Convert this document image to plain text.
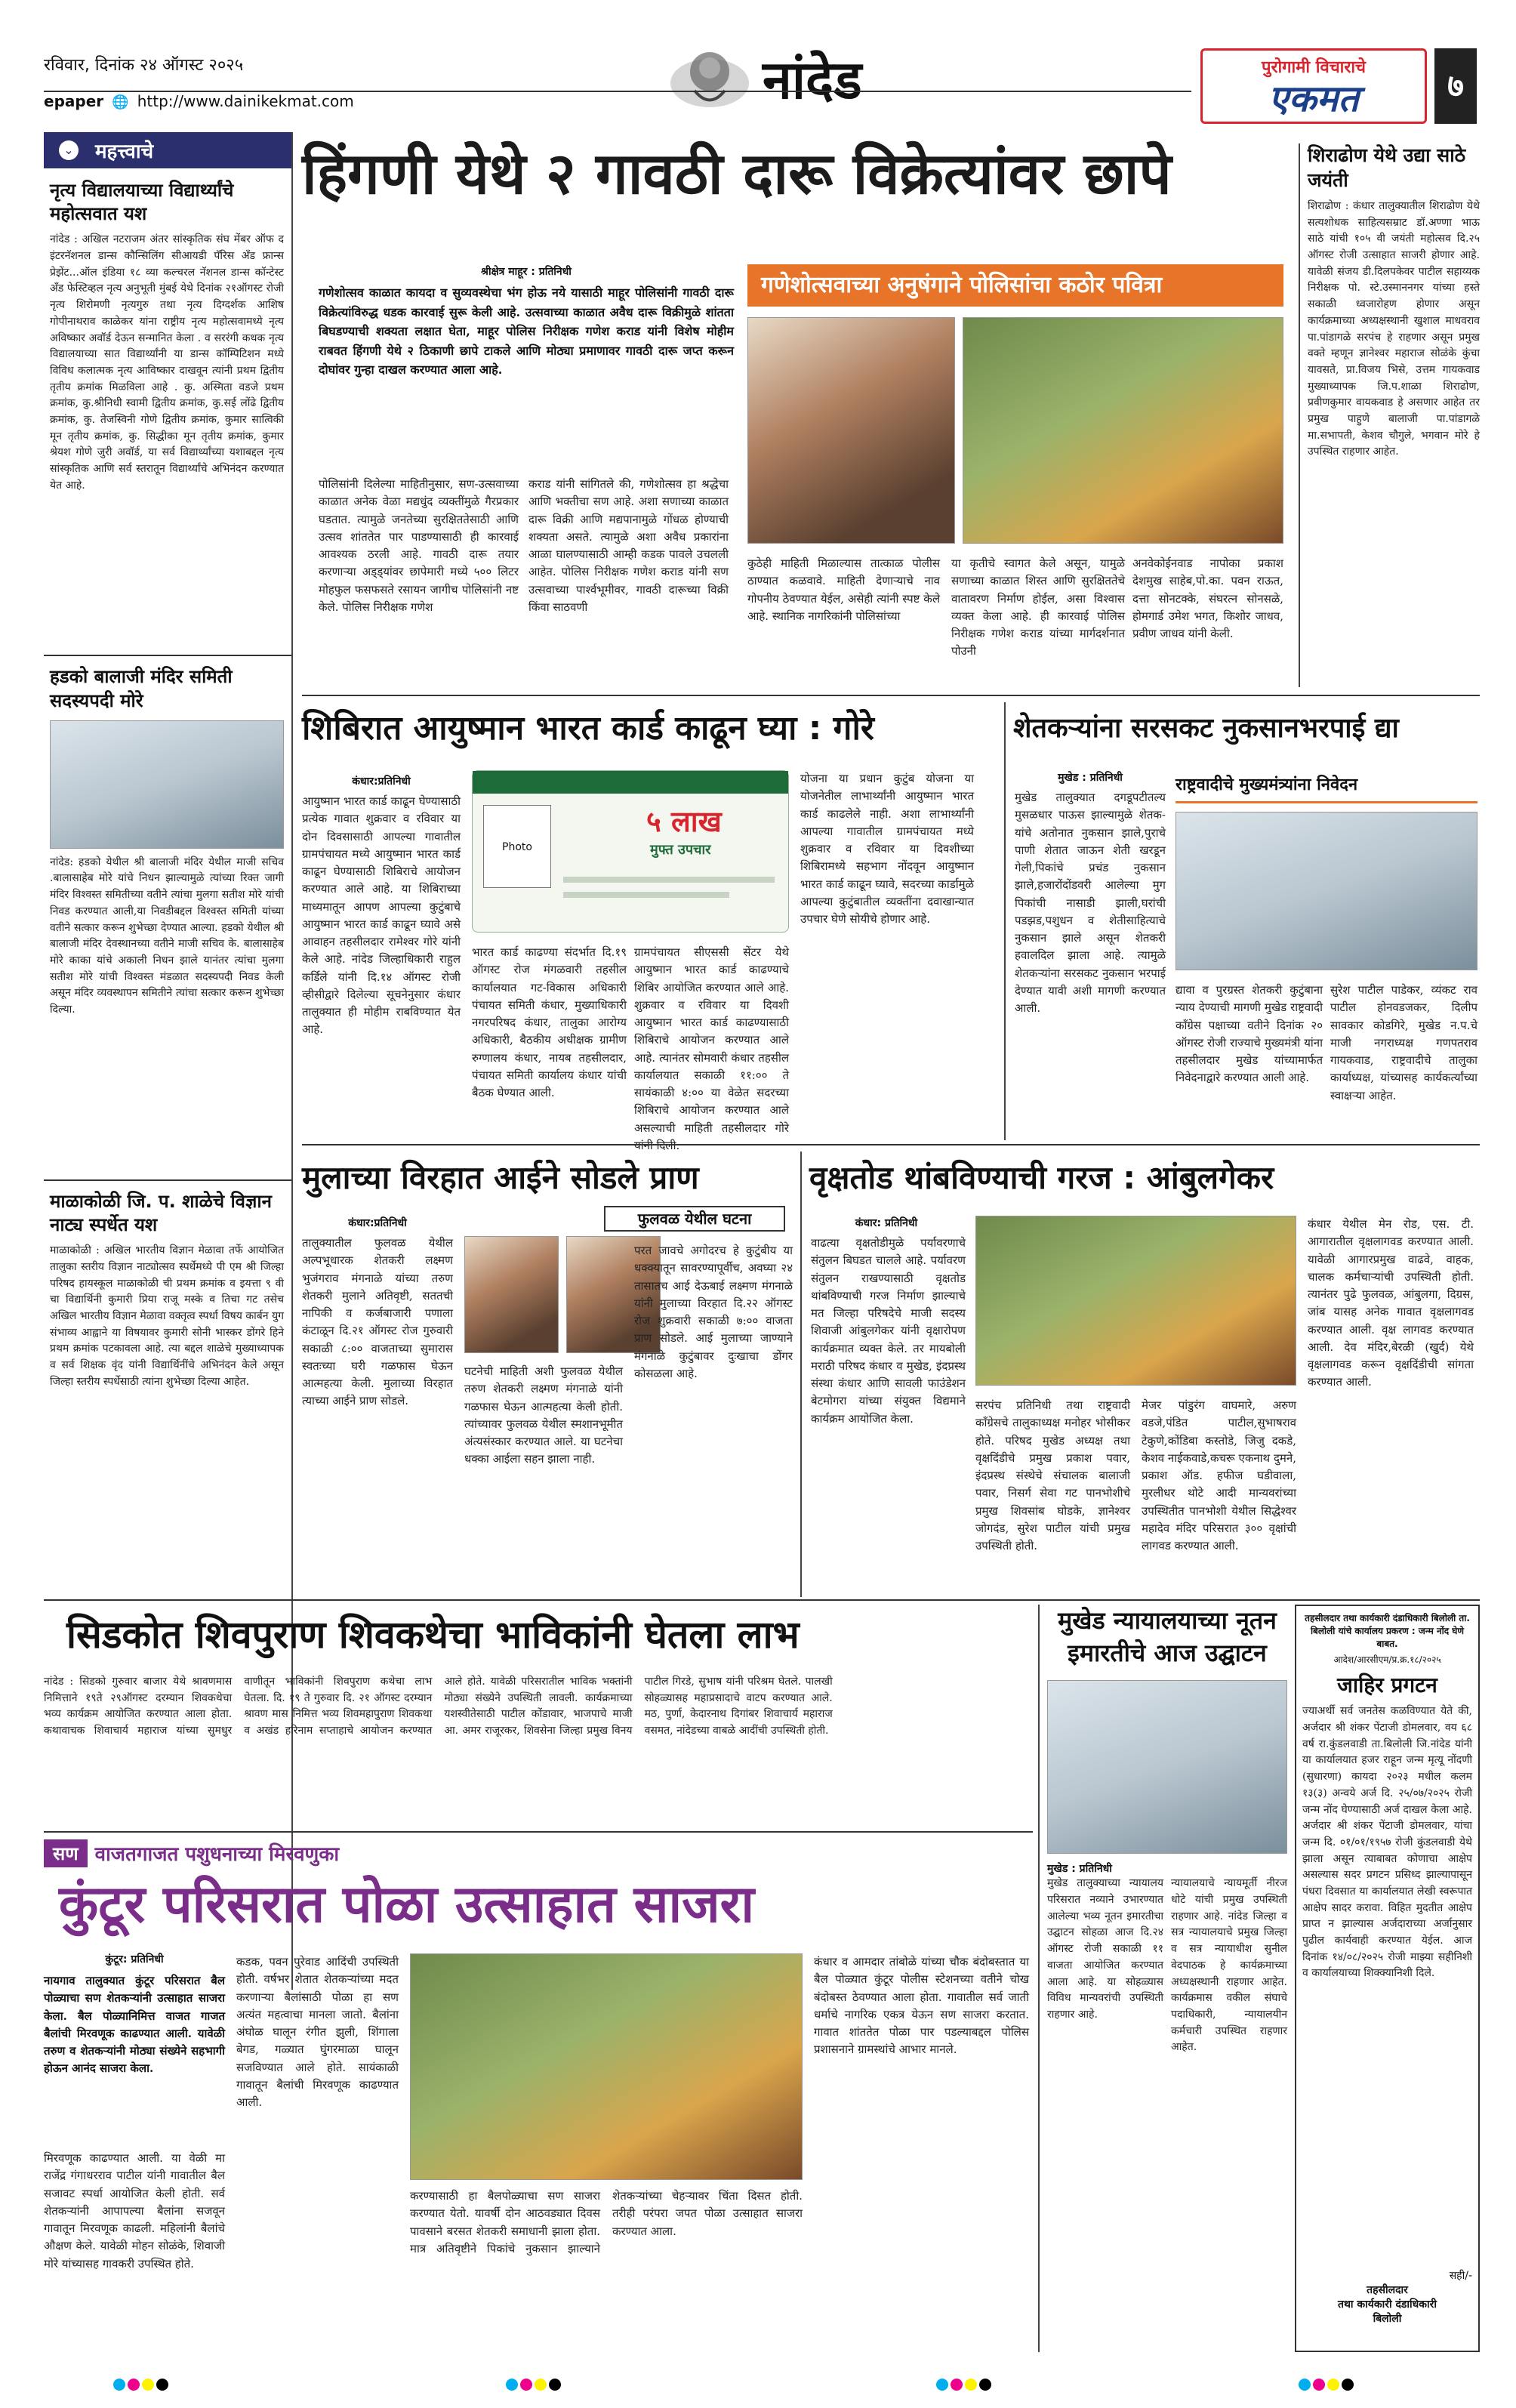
रविवार, दिनांक २४ ऑगस्ट २०२५	नांदेड	पुरोगामी विचाराचे
एकमत	७
epaper 🌐 http://www.dainikekmat.com
⌄ महत्त्वाचे
नृत्य विद्यालयाच्या विद्यार्थ्यांचे महोत्सवात यश
नांदेड : अखिल नटराजम अंतर सांस्कृतिक संघ मेंबर ऑफ द इंटरनॅशनल डान्स कौन्सिलिंग सीआयडी पॅरिस अँड फ्रान्स प्रेझेंट...ऑल इंडिया १८ व्या कल्चरल नॅशनल डान्स कॉन्टेस्ट अँड फेस्टिव्हल नृत्य अनुभूती मुंबई येथे दिनांक २१ऑगस्ट रोजी नृत्य शिरोमणी नृत्यगुरु तथा नृत्य दिग्दर्शक आशिष गोपीनाथराव काळेकर यांना राष्ट्रीय नृत्य महोत्सवामध्ये नृत्य अविष्कार अवॉर्ड देऊन सन्मानित केला . व सररंगी कथक नृत्य विद्यालयाच्या सात विद्यार्थ्यांनी या डान्स कॉम्पिटिशन मध्ये विविध कलात्मक नृत्य आविष्कार दाखवून त्यांनी प्रथम द्वितीय तृतीय क्रमांक मिळविला आहे . कु. अस्मिता वडजे प्रथम क्रमांक, कु.श्रीनिधी स्वामी द्वितीय क्रमांक, कु.सई लोंढे द्वितीय क्रमांक, कु. तेजस्विनी गोणे द्वितीय क्रमांक, कुमार सात्विकी मून तृतीय क्रमांक, कु. सिद्धीका मून तृतीय क्रमांक, कुमार श्रेयश गोणे जुरी अवॉर्ड, या सर्व विद्यार्थ्यांच्या यशाबद्दल नृत्य सांस्कृतिक आणि सर्व स्तरातून विद्यार्थ्यांचे अभिनंदन करण्यात येत आहे.
हडको बालाजी मंदिर समिती सदस्यपदी मोरे
नांदेड: हडको येथील श्री बालाजी मंदिर येथील माजी सचिव .बालासाहेब मोरे यांचे निधन झाल्यामुळे त्यांच्या रिक्त जागी मंदिर विश्वस्त समितीच्या वतीने त्यांचा मुलगा सतीश मोरे यांची निवड करण्यात आली,या निवडीबद्दल विश्वस्त समिती यांच्या वतीने सत्कार करून शुभेच्छा देण्यात आल्या. हडको येथील श्री बालाजी मंदिर देवस्थानच्या वतीने माजी सचिव के. बालासाहेब मोरे काका यांचे अकाली निधन झाले यानंतर त्यांचा मुलगा सतीश मोरे यांची विश्वस्त मंडळात सदस्यपदी निवड केली असून मंदिर व्यवस्थापन समितीने त्यांचा सत्कार करून शुभेच्छा दिल्या.
माळाकोळी जि. प. शाळेचे विज्ञान नाट्य स्पर्धेत यश
माळाकोळी : अखिल भारतीय विज्ञान मेळावा तर्फे आयोजित तालुका स्तरीय विज्ञान नाट्योत्सव स्पर्धेमध्ये पी एम श्री जिल्हा परिषद हायस्कूल माळाकोळी ची प्रथम क्रमांक व इयत्ता ९ वी चा विद्यार्थिनी कुमारी प्रिया राजू मस्के व तिचा गट तसेच अखिल भारतीय विज्ञान मेळावा वक्तृत्व स्पर्धा विषय कार्बन युग संभाव्य आह्वाने या विषयावर कुमारी सोनी भास्कर डोंगरे हिने प्रथम क्रमांक पटकावला आहे. त्या बद्दल शाळेचे मुख्याध्यापक व सर्व शिक्षक वृंद यांनी विद्यार्थिनींचे अभिनंदन केले असून जिल्हा स्तरीय स्पर्धेसाठी त्यांना शुभेच्छा दिल्या आहेत.
हिंगणी येथे २ गावठी दारू विक्रेत्यांवर छापे
श्रीक्षेत्र माहूर : प्रतिनिधी
गणेशोत्सव काळात कायदा व सुव्यवस्थेचा भंग होऊ नये यासाठी माहूर पोलिसांनी गावठी दारू विक्रेत्यांविरुद्ध धडक कारवाई सुरू केली आहे. उत्सवाच्या काळात अवैध दारू विक्रीमुळे शांतता बिघडण्याची शक्यता लक्षात घेता, माहूर पोलिस निरीक्षक गणेश कराड यांनी विशेष मोहीम राबवत हिंगणी येथे २ ठिकाणी छापे टाकले आणि मोठ्या प्रमाणावर गावठी दारू जप्त करून दोघांवर गुन्हा दाखल करण्यात आला आहे.
पोलिसांनी दिलेल्या माहितीनुसार, सण-उत्सवाच्या काळात अनेक वेळा मद्यधुंद व्यक्तींमुळे गैरप्रकार घडतात. त्यामुळे जनतेच्या सुरक्षिततेसाठी आणि उत्सव शांततेत पार पाडण्यासाठी ही कारवाई आवश्यक ठरली आहे. गावठी दारू तयार करणाऱ्या अड्ड्यांवर छापेमारी मध्ये ५०० लिटर मोहफुल फसफसते रसायन जागीच पोलिसांनी नष्ट केले. पोलिस निरीक्षक गणेश
कराड यांनी सांगितले की, गणेशोत्सव हा श्रद्धेचा आणि भक्तीचा सण आहे. अशा सणाच्या काळात दारू विक्री आणि मद्यपानामुळे गोंधळ होण्याची शक्यता असते. त्यामुळे अशा अवैध प्रकारांना आळा घालण्यासाठी आम्ही कडक पावले उचलली आहेत. पोलिस निरीक्षक गणेश कराड यांनी सण उत्सवाच्या पार्श्वभूमीवर, गावठी दारूच्या विक्री किंवा साठवणी
गणेशोत्सवाच्या अनुषंगाने पोलिसांचा कठोर पवित्रा
कुठेही माहिती मिळाल्यास तात्काळ पोलीस ठाण्यात कळवावे. माहिती देणाऱ्याचे नाव गोपनीय ठेवण्यात येईल, असेही त्यांनी स्पष्ट केले आहे. स्थानिक नागरिकांनी पोलिसांच्या
या कृतीचे स्वागत केले असून, यामुळे सणाच्या काळात शिस्त आणि सुरक्षिततेचे वातावरण निर्माण होईल, असा विश्वास व्यक्त केला आहे. ही कारवाई पोलिस निरीक्षक गणेश कराड यांच्या मार्गदर्शनात पोउनी
अनवेकोईनवाड नापोका प्रकाश देशमुख साहेब,पो.का. पवन राऊत, दत्ता सोनटक्के, संघरत्न सोनसळे, होमगार्ड उमेश भगत, किशोर जाधव, प्रवीण जाधव यांनी केली.
शिराढोण येथे उद्या साठे जयंती
शिराढोण : कंधार तालुक्यातील शिराढोण येथे सत्यशोधक साहित्यसम्राट डॉ.अण्णा भाऊ साठे यांची १०५ वी जयंती महोत्सव दि.२५ ऑगस्ट रोजी उत्साहात साजरी होणार आहे. यावेळी संजय डी.दिलपकेवर पाटील सहाय्यक निरीक्षक पो. स्टे.उस्माननगर यांच्या हस्ते सकाळी ध्वजारोहण होणार असून कार्यक्रमाच्या अध्यक्षस्थानी खुशाल माधवराव पा.पांडागळे सरपंच हे राहणार असून प्रमुख वक्ते म्हणून ज्ञानेश्वर महाराज सोळंके कुंचा यावसते, प्रा.विजय भिसे, उत्तम गायकवाड मुख्याध्यापक जि.प.शाळा शिराढोण, प्रवीणकुमार वायकवाड हे असणार आहेत तर प्रमुख पाहुणे बालाजी पा.पांडागळे मा.सभापती, केशव चौगुले, भगवान मोरे हे उपस्थित राहणार आहेत.
शिबिरात आयुष्मान भारत कार्ड काढून घ्या : गोरे
कंधार:प्रतिनिधी
आयुष्मान भारत कार्ड काढून घेण्यासाठी प्रत्येक गावात शुक्रवार व रविवार या दोन दिवसासाठी आपल्या गावातील ग्रामपंचायत मध्ये आयुष्मान भारत कार्ड काढून घेण्यासाठी शिबिराचे आयोजन करण्यात आले आहे. या शिबिराच्या माध्यमातून आपण आपल्या कुटुंबाचे आयुष्मान भारत कार्ड काढून घ्यावे असे आवाहन तहसीलदार रामेश्वर गोरे यांनी केले आहे. नांदेड जिल्हाधिकारी राहुल कर्डिले यांनी दि.१४ ऑगस्ट रोजी व्हीसीद्वारे दिलेल्या सूचनेनुसार कंधार तालुक्यात ही मोहीम राबविण्यात येत आहे.
Photo
५ लाख
मुफ्त उपचार
भारत कार्ड काढण्या संदर्भात दि.१९ ऑगस्ट रोज मंगळवारी तहसील कार्यालयात गट-विकास अधिकारी पंचायत समिती कंधार, मुख्याधिकारी नगरपरिषद कंधार, तालुका आरोग्य अधिकारी, बैठकीय अधीक्षक ग्रामीण रुग्णालय कंधार, नायब तहसीलदार, पंचायत समिती कार्यालय कंधार यांची बैठक घेण्यात आली.
ग्रामपंचायत सीएससी सेंटर येथे आयुष्मान भारत कार्ड काढण्याचे शिबिर आयोजित करण्यात आले आहे. शुक्रवार व रविवार या दिवशी आयुष्मान भारत कार्ड काढण्यासाठी शिबिराचे आयोजन करण्यात आले आहे. त्यानंतर सोमवारी कंधार तहसील कार्यालयात सकाळी ११:०० ते सायंकाळी ४:०० या वेळेत सदरच्या शिबिराचे आयोजन करण्यात आले असल्याची माहिती तहसीलदार गोरे
योजना या प्रधान कुटुंब योजना या योजनेतील लाभार्थ्यांनी आयुष्मान भारत कार्ड काढलेले नाही. अशा लाभार्थ्यांनी आपल्या गावातील ग्रामपंचायत मध्ये शुक्रवार व रविवार या दिवशीच्या शिबिरामध्ये सहभाग नोंदवून आयुष्मान भारत कार्ड काढून घ्यावे, सदरच्या कार्डामुळे आपल्या कुटुंबातील व्यक्तींना दवाखान्यात उपचार घेणे सोयीचे होणार आहे.
शेतकऱ्यांना सरसकट नुकसानभरपाई द्या
मुखेड : प्रतिनिधी
मुखेड तालुक्यात दगडूपटीतल्य मुसळधार पाऊस झाल्यामुळे शेतक-यांचे अतोनात नुकसान झाले,पुराचे पाणी शेतात जाऊन शेती खरडून गेली,पिकांचे प्रचंड नुकसान झाले,हजारोंदोंडवरी आलेल्या मुग पिकांची नासाडी झाली,घरांची पडझड,पशुधन व शेतीसाहित्याचे नुकसान झाले असून शेतकरी हवालदिल झाला आहे. त्यामुळे शेतकऱ्यांना सरसकट नुकसान भरपाई देण्यात यावी अशी मागणी करण्यात आली.
राष्ट्रवादीचे मुख्यमंत्र्यांना निवेदन
द्यावा व पुरग्रस्त शेतकरी कुटुंबाना न्याय देण्याची मागणी मुखेड राष्ट्रवादी काँग्रेस पक्षाच्या वतीने दिनांक २० ऑगस्ट रोजी राज्याचे मुख्यमंत्री यांना तहसीलदार मुखेड यांच्यामार्फत निवेदनाद्वारे करण्यात आली आहे.
सुरेश पाटील पाडेकर, व्यंकट राव पाटील होनवडजकर, दिलीप सावकार कोडगिरे, मुखेड न.प.चे माजी नगराध्यक्ष गणपतराव गायकवाड, राष्ट्रवादीचे तालुका कार्याध्यक्ष, यांच्यासह कार्यकर्त्यांच्या स्वाक्षऱ्या आहेत.
मुलाच्या विरहात आईने सोडले प्राण
फुलवळ येथील घटना
कंधार:प्रतिनिधी
तालुक्यातील फुलवळ येथील अल्पभूधारक शेतकरी लक्ष्मण भुजंगराव मंगनाळे यांच्या तरुण शेतकरी मुलाने अतिवृष्टी, सततची नापिकी व कर्जबाजारी पणाला कंटाळून दि.२१ ऑगस्ट रोज गुरुवारी सकाळी ८:०० वाजताच्या सुमारास स्वतःच्या घरी गळफास घेऊन आत्महत्या केली. मुलाच्या विरहात त्याच्या आईने प्राण सोडले.
घटनेची माहिती अशी फुलवळ येथील तरुण शेतकरी लक्ष्मण मंगनाळे यांनी गळफास घेऊन आत्महत्या केली होती. त्यांच्यावर फुलवळ येथील स्मशानभूमीत अंत्यसंस्कार करण्यात आले. या घटनेचा धक्का आईला सहन झाला नाही.
परत जावचे अगोदरच हे कुटुंबीय या धक्क्यातून सावरण्यापूर्वीच, अवघ्या २४ तासातच आई देऊबाई लक्ष्मण मंगनाळे यांनी मुलाच्या विरहात दि.२२ ऑगस्ट रोज शुक्रवारी सकाळी ७:०० वाजता प्राण सोडले. आई मुलाच्या जाण्याने मंगनाळे कुटुंबावर दुःखाचा डोंगर कोसळला आहे.
वृक्षतोड थांबविण्याची गरज : आंबुलगेकर
कंधार: प्रतिनिधी
वाढत्या वृक्षतोडीमुळे पर्यावरणाचे संतुलन बिघडत चालले आहे. पर्यावरण संतुलन राखण्यासाठी वृक्षतोड थांबविण्याची गरज निर्माण झाल्याचे मत जिल्हा परिषदेचे माजी सदस्य शिवाजी आंबुलगेकर यांनी वृक्षारोपण कार्यक्रमात व्यक्त केले. तर मायबोली मराठी परिषद कंधार व मुखेड, इंदप्रस्थ संस्था कंधार आणि सावली फाउंडेशन बेटमोगरा यांच्या संयुक्त विद्यमाने कार्यक्रम आयोजित केला.
सरपंच प्रतिनिधी तथा राष्ट्रवादी काँग्रेसचे तालुकाध्यक्ष मनोहर भोसीकर होते. परिषद मुखेड अध्यक्ष तथा वृक्षदिंडीचे प्रमुख प्रकाश पवार, इंदप्रस्थ संस्थेचे संचालक बालाजी पवार, निसर्ग सेवा गट पानभोशीचे प्रमुख शिवसांब घोडके, ज्ञानेश्वर जोगदंड, सुरेश पाटील यांची प्रमुख उपस्थिती होती.
मेजर पांडुरंग वाघमारे, अरुण वडजे,पंडित पाटील,सुभाषराव टेकुणे,कोंडिबा कस्तोडे, जिजु दकडे, केशव नाईकवाडे,कचरू एकनाथ दुमने, प्रकाश ऑड. हफीज घडीवाला, मुरलीधर थोटे आदी मान्यवरांच्या उपस्थितीत पानभोशी येथील सिद्धेश्वर महादेव मंदिर परिसरात ३०० वृक्षांची लागवड करण्यात आली.
कंधार येथील मेन रोड, एस. टी. आगारातील वृक्षलागवड करण्यात आली. यावेळी आगारप्रमुख वाढवे, वाहक, चालक कर्मचाऱ्यांची उपस्थिती होती. त्यानंतर पुढे फुलवळ, आंबुलगा, दिग्रस, जांब यासह अनेक गावात वृक्षलागवड करण्यात आली. वृक्ष लागवड करण्यात आली. देव मंदिर,बेरळी (खुर्द) येथे वृक्षलागवड करून वृक्षदिंडीची सांगता करण्यात आली.
सिडकोत शिवपुराण शिवकथेचा भाविकांनी घेतला लाभ
नांदेड : सिडको गुरुवार बाजार येथे श्रावणमास निमित्ताने १९ते २९ऑगस्ट दरम्यान शिवकथेचा भव्य कार्यक्रम आयोजित करण्यात आला होता. कथावाचक शिवाचार्य महाराज यांच्या सुमधुर वाणीतून भाविकांनी शिवपुराण कथेचा लाभ घेतला. दि. १९ ते गुरुवार दि. २१ ऑगस्ट दरम्यान श्रावण मास निमित्त भव्य शिवमहापुराण शिवकथा व अखंड हरिनाम सप्ताहाचे आयोजन करण्यात आले होते. यावेळी परिसरातील भाविक भक्तांनी मोठ्या संख्येने उपस्थिती लावली. कार्यक्रमाच्या यशस्वीतेसाठी पाटील कोंडावार, भाजपाचे माजी आ. अमर राजूरकर, शिवसेना जिल्हा प्रमुख विनय पाटील गिरडे, सुभाष यांनी परिश्रम घेतले. पालखी सोहळ्यासह महाप्रसादाचे वाटप करण्यात आले. मठ, पुर्णा, केदारनाथ दिगांबर शिवाचार्य महाराज वसमत, नांदेडच्या वाबळे आदींची उपस्थिती होती.
मुखेड न्यायालयाच्या नूतन इमारतीचे आज उद्घाटन
मुखेड : प्रतिनिधी
मुखेड तालुक्याच्या न्यायालय परिसरात नव्याने उभारण्यात आलेल्या भव्य नूतन इमारतीचा उद्घाटन सोहळा आज दि.२४ ऑगस्ट रोजी सकाळी ११ वाजता आयोजित करण्यात आला आहे. या सोहळ्यास विविध मान्यवरांची उपस्थिती राहणार आहे.
न्यायालयाचे न्यायमूर्ती नीरज धोटे यांची प्रमुख उपस्थिती राहणार आहे. नांदेड जिल्हा व सत्र न्यायालयाचे प्रमुख जिल्हा व सत्र न्यायाधीश सुनील वेदपाठक हे कार्यक्रमाच्या अध्यक्षस्थानी राहणार आहेत. कार्यक्रमास वकील संघाचे पदाधिकारी, न्यायालयीन कर्मचारी उपस्थित राहणार आहेत.
तहसीलदार तथा कार्यकारी दंडाधिकारी बिलोली ता. बिलोली यांचे कार्यालय प्रकरण : जन्म नोंद घेणे बाबत.
आदेश/आरसीएम/प्र.क्र.१८/२०२५
जाहिर प्रगटन
ज्याअर्थी सर्व जनतेस कळविण्यात येते की, अर्जदार श्री शंकर पेंटाजी डोमलवार, वय ६८ वर्ष रा.कुंडलवाडी ता.बिलोली जि.नांदेड यांनी या कार्यालयात हजर राहून जन्म मृत्यू नोंदणी (सुधारणा) कायदा २०२३ मधील कलम १३(३) अन्वये अर्ज दि. २५/०७/२०२५ रोजी जन्म नोंद घेण्यासाठी अर्ज दाखल केला आहे. अर्जदार श्री शंकर पेंटाजी डोमलवार, यांचा जन्म दि. ०१/०१/१९५७ रोजी कुंडलवाडी येथे झाला असून त्याबाबत कोणाचा आक्षेप असल्यास सदर प्रगटन प्रसिध्द झाल्यापासून पंधरा दिवसात या कार्यालयात लेखी स्वरूपात आक्षेप सादर करावा. विहित मुदतीत आक्षेप प्राप्त न झाल्यास अर्जदाराच्या अर्जानुसार पुढील कार्यवाही करण्यात येईल. आज दिनांक १४/०८/२०२५ रोजी माझ्या सहीनिशी व कार्यालयाच्या शिक्क्यानिशी दिले.
सही/-
तहसीलदार
तथा कार्यकारी दंडाधिकारी
बिलोली
सण वाजतगाजत पशुधनाच्या मिरवणुका
कुंटूर परिसरात पोळा उत्साहात साजरा
कुंटूर: प्रतिनिधी
नायगाव तालुक्यात कुंटूर परिसरात बैल पोळ्याचा सण शेतकऱ्यांनी उत्साहात साजरा केला. बैल पोळ्यानिमित्त वाजत गाजत बैलांची मिरवणूक काढण्यात आली. यावेळी तरुण व शेतकऱ्यांनी मोठ्या संख्येने सहभागी होऊन आनंद साजरा केला.
मिरवणूक काढण्यात आली. या वेळी मा राजेंद्र गंगाधरराव पाटील यांनी गावातील बैल सजावट स्पर्धा आयोजित केली होती. सर्व शेतकऱ्यांनी आपापल्या बैलांना सजवून गावातून मिरवणूक काढली. महिलांनी बैलांचे औक्षण केले. यावेळी मोहन सोळंके, शिवाजी मोरे यांच्यासह गावकरी उपस्थित होते.
कडक, पवन पुरेवाड आदिंची उपस्थिती होती. वर्षभर शेतात शेतकऱ्यांच्या मदत करणाऱ्या बैलांसाठी पोळा हा सण अत्यंत महत्वाचा मानला जातो. बैलांना अंघोळ घालून रंगीत झुली, शिंगाला बेगड, गळ्यात घुंगरमाळा घालून सजविण्यात आले होते. सायंकाळी गावातून बैलांची मिरवणूक काढण्यात आली.
करण्यासाठी हा बैलपोळ्याचा सण साजरा करण्यात येतो. यावर्षी दोन आठवड्यात दिवस पावसाने बरसत शेतकरी समाधानी झाला होता. मात्र अतिवृष्टीने पिकांचे नुकसान झाल्याने शेतकऱ्यांच्या चेहऱ्यावर चिंता दिसत होती. तरीही परंपरा जपत पोळा उत्साहात साजरा करण्यात आला.
कंधार व आमदार तांबोळे यांच्या चौक बंदोबस्तात या बैल पोळ्यात कुंटूर पोलीस स्टेशनच्या वतीने चोख बंदोबस्त ठेवण्यात आला होता. गावातील सर्व जाती धर्माचे नागरिक एकत्र येऊन सण साजरा करतात. गावात शांततेत पोळा पार पडल्याबद्दल पोलिस प्रशासनाने ग्रामस्थांचे आभार मानले.
